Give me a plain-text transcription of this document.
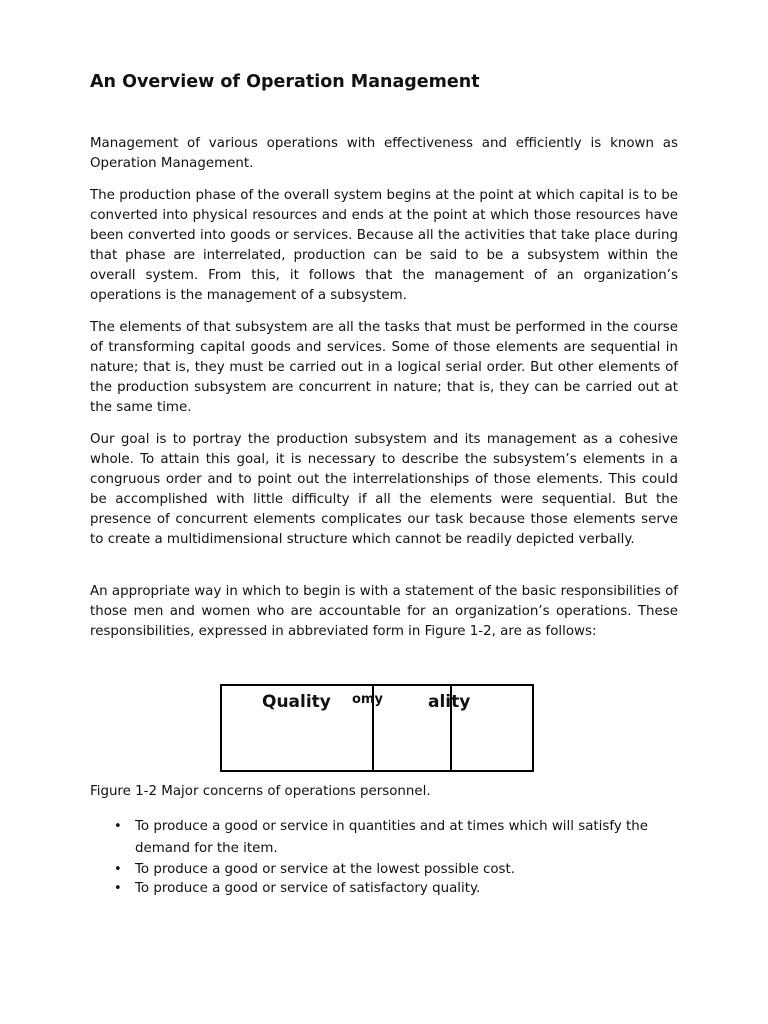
An Overview of Operation Management

Management of various operations with effectiveness and efficiently is known as Operation Management.

The production phase of the overall system begins at the point at which capital is to be converted into physical resources and ends at the point at which those resources have been converted into goods or services. Because all the activities that take place during that phase are interrelated, production can be said to be a subsystem within the overall system. From this, it follows that the management of an organization’s operations is the management of a subsystem.

The elements of that subsystem are all the tasks that must be performed in the course of transforming capital goods and services. Some of those elements are sequential in nature; that is, they must be carried out in a logical serial order. But other elements of the production subsystem are concurrent in nature; that is, they can be carried out at the same time.

Our goal is to portray the production subsystem and its management as a cohesive whole. To attain this goal, it is necessary to describe the subsystem’s elements in a congruous order and to point out the interrelationships of those elements. This could be accomplished with little difficulty if all the elements were sequential. But the presence of concurrent elements complicates our task because those elements serve to create a multidimensional structure which cannot be readily depicted verbally.

An appropriate way in which to begin is with a statement of the basic responsibilities of those men and women who are accountable for an organization’s operations. These responsibilities, expressed in abbreviated form in Figure 1-2, are as follows:

Quality omy	ality

Figure 1-2 Major concerns of operations personnel.

• To produce a good or service in quantities and at times which will satisfy the demand for the item.
• To produce a good or service at the lowest possible cost.
• To produce a good or service of satisfactory quality.
